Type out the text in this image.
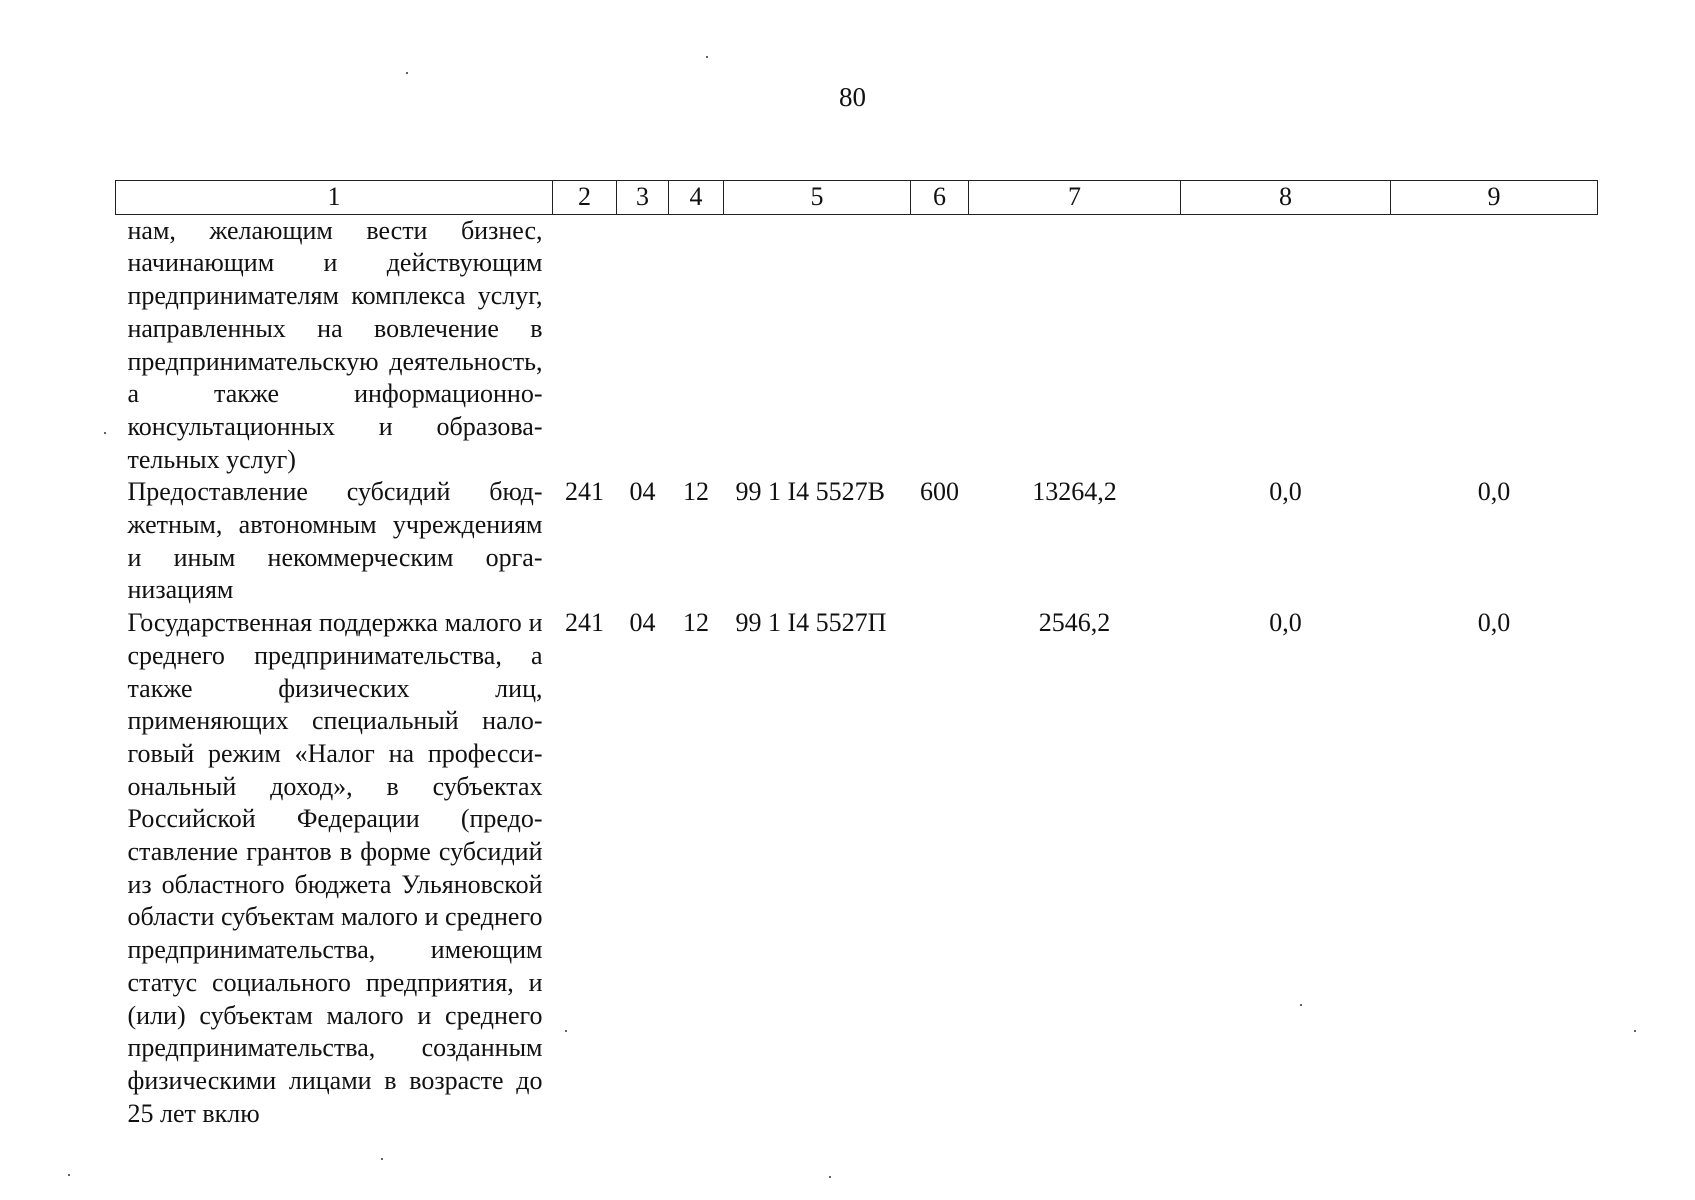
80
1	2	3	4	5	6	7	8	9
нам, желающим вести бизнес, начинающим и действующим предпринимателям комплекса услуг, направленных на вовлечение в предпринимательскую деятельность, а также информационно-консультационных и образовательных услуг)								
Предоставление субсидий бюджетным, автономным учреждениям и иным некоммерческим организациям	241	04	12	99 1 I4 5527В	600	13264,2	0,0	0,0
Государственная поддержка малого и среднего предпринимательства, а также физических лиц, применяющих специальный налоговый режим «Налог на профессиональный доход», в субъектах Российской Федерации (предоставление грантов в форме субсидий из областного бюджета Ульяновской области субъектам малого и среднего предпринимательства, имеющим статус социального предприятия, и (или) субъектам малого и среднего предпринимательства, созданным физическими лицами в возрасте до 25 лет вклю	241	04	12	99 1 I4 5527П		2546,2	0,0	0,0
